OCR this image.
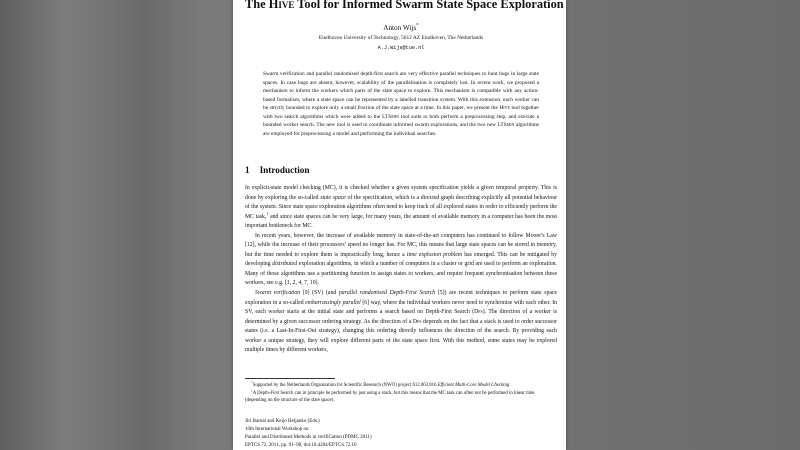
The Hive Tool for Informed Swarm State Space Exploration
Anton Wijs*
Eindhoven University of Technology, 5612 AZ Eindhoven, The Netherlands
A.J.Wijs@tue.nl
Swarm verification and parallel randomised depth-first search are very effective parallel techniques to hunt bugs in large state spaces. In case bugs are absent, however, scalability of the parallelisation is completely lost. In recent work, we proposed a mechanism to inform the workers which parts of the state space to explore. This mechanism is compatible with any action-based formalism, where a state space can be represented by a labelled transition system. With this extension, each worker can be strictly bounded to explore only a small fraction of the state space at a time. In this paper, we present the Hive tool together with two search algorithms which were added to the LTSmin tool suite to both perform a preprocessing step, and execute a bounded worker search. The new tool is used to coordinate informed swarm explorations, and the two new LTSmin algorithms are employed for preprocessing a model and performing the individual searches.
1 Introduction

In explicit-state model checking (MC), it is checked whether a given system specification yields a given temporal property. This is done by exploring the so-called state space of the specification, which is a directed graph describing explicitly all potential behaviour of the system. Since state space exploration algorithms often need to keep track of all explored states in order to efficiently perform the MC task,$^1$ and since state spaces can be very large, for many years, the amount of available memory in a computer has been the most important bottleneck for MC.

In recent years, however, the increase of available memory in state-of-the-art computers has continued to follow Moore’s Law [12], while the increase of their processors’ speed no longer has. For MC, this means that large state spaces can be stored in memory, but the time needed to explore them is impractically long, hence a time explosion problem has emerged. This can be mitigated by developing distributed exploration algorithms, in which a number of computers in a cluster or grid are used to perform an exploration. Many of those algorithms use a partitioning function to assign states to workers, and require frequent synchronisation between these workers, see e.g. [1, 2, 4, 7, 10].

Swarm verification [9] (SV) (and parallel randomised Depth-First Search [5]) are recent techniques to perform state space exploration in a so-called embarrassingly parallel [6] way, where the individual workers never need to synchronise with each other. In SV, each worker starts at the initial state and performs a search based on Depth-First Search (Dfs). The direction of a worker is determined by a given successor ordering strategy. As the direction of a Dfs depends on the fact that a stack is used to order successor states (i.e. a Last-In-First-Out strategy), changing this ordering directly influences the direction of the search. By providing each worker a unique strategy, they will explore different parts of the state space first. With this method, some states may be explored multiple times by different workers,

*Supported by the Netherlands Organisation for Scientific Research (NWO) project 612.063.816 Efficient Multi-Core Model Checking.

$^1$A Depth-First Search can in principle be performed by just using a stack, but this means that the MC task can often not be performed in linear time (depending on the structure of the state space).

Jiri Barnat and Keijo Heljanko (Eds.)
10th International Workshop on
Parallel and Distributed Methods in verifiCation (PDMC 2011)
EPTCS 72, 2011, pp. 91–98, doi:10.4204/EPTCS.72.10
